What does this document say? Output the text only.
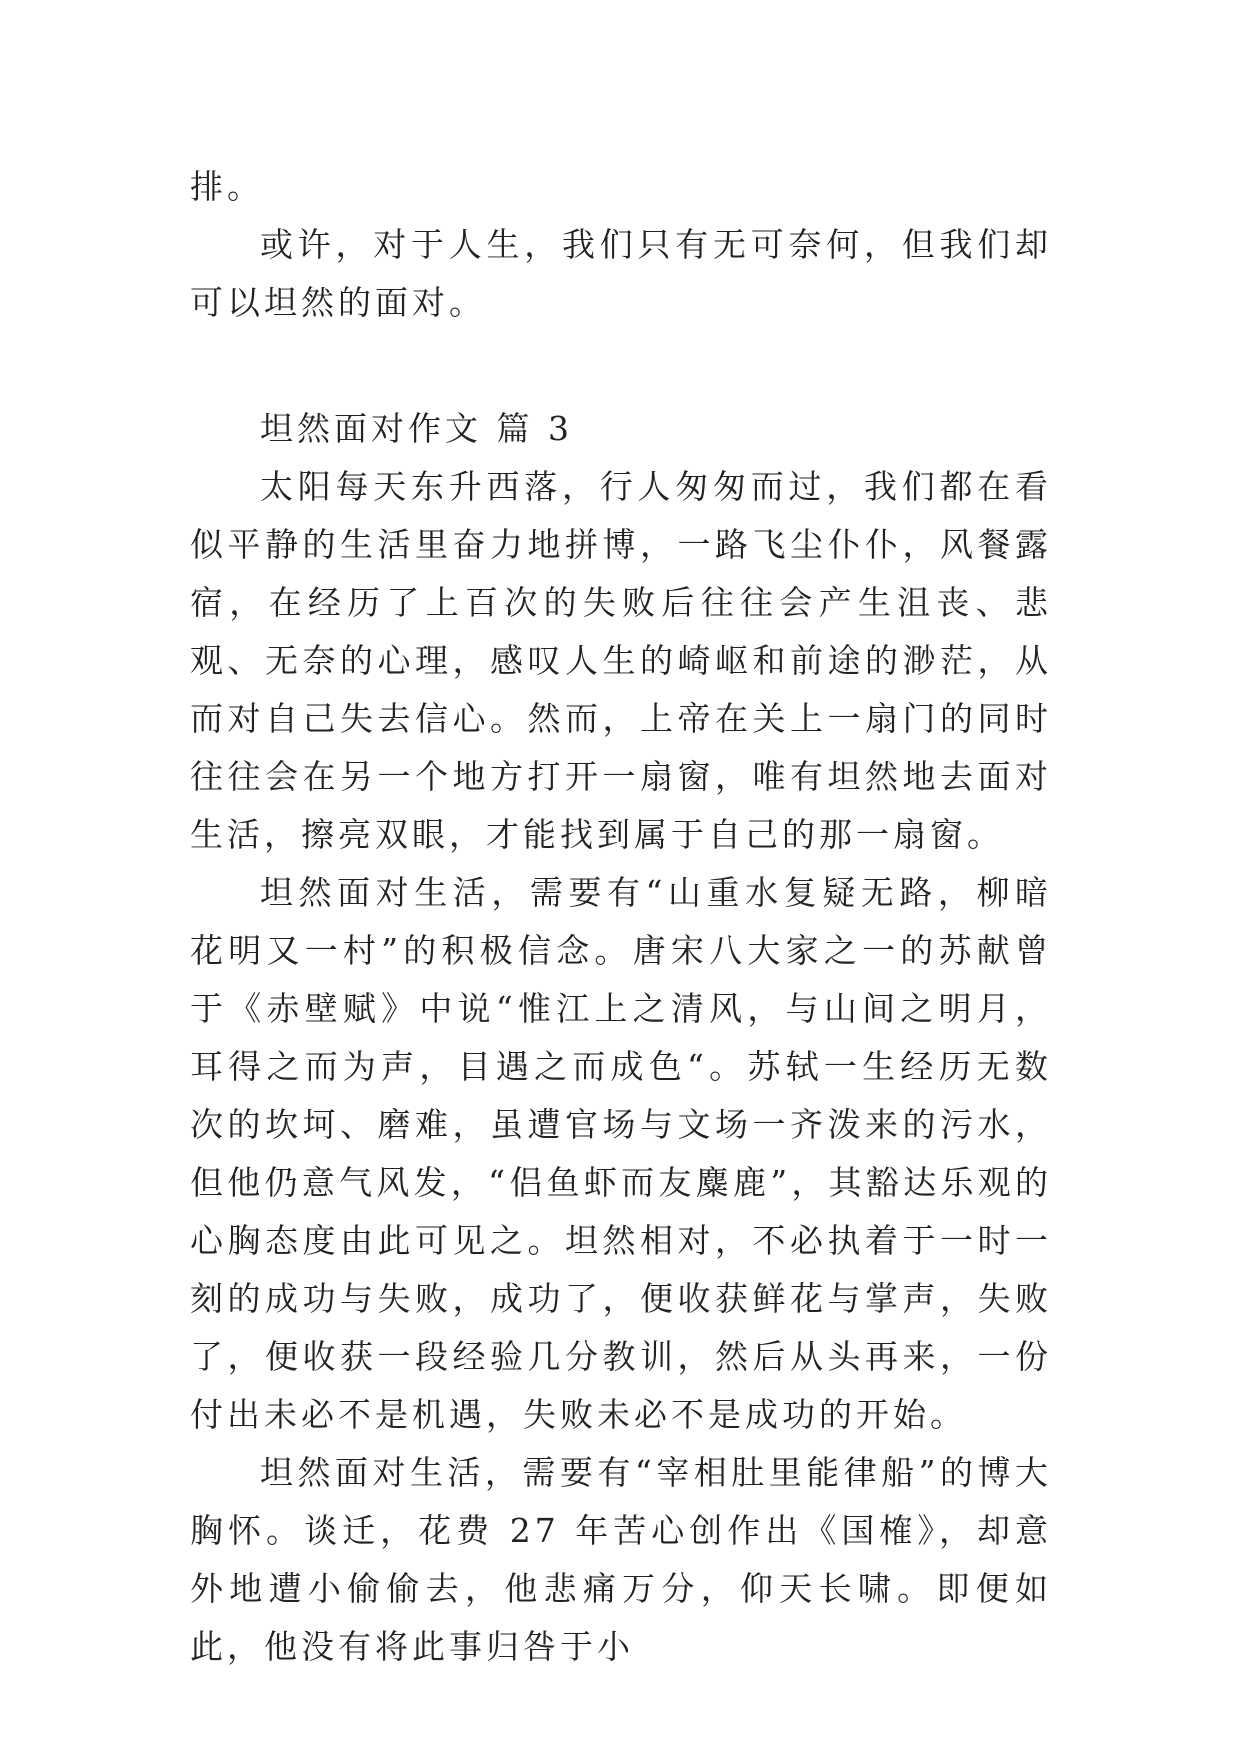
排。

或许，对于人生，我们只有无可奈何，但我们却可以坦然的面对。

坦然面对作文 篇 3

太阳每天东升西落，行人匆匆而过，我们都在看似平静的生活里奋力地拼博，一路飞尘仆仆，风餐露宿，在经历了上百次的失败后往往会产生沮丧、悲观、无奈的心理，感叹人生的崎岖和前途的渺茫，从而对自己失去信心。然而，上帝在关上一扇门的同时往往会在另一个地方打开一扇窗，唯有坦然地去面对生活，擦亮双眼，才能找到属于自己的那一扇窗。

坦然面对生活，需要有“山重水复疑无路，柳暗花明又一村”的积极信念。唐宋八大家之一的苏献曾于《赤壁赋》中说“惟江上之清风，与山间之明月，耳得之而为声，目遇之而成色“。苏轼一生经历无数次的坎坷、磨难，虽遭官场与文场一齐泼来的污水，但他仍意气风发，“侣鱼虾而友麋鹿”，其豁达乐观的心胸态度由此可见之。坦然相对，不必执着于一时一刻的成功与失败，成功了，便收获鲜花与掌声，失败了，便收获一段经验几分教训，然后从头再来，一份付出未必不是机遇，失败未必不是成功的开始。

坦然面对生活，需要有“宰相肚里能律船”的博大胸怀。谈迁，花费 27 年苦心创作出《国榷》，却意外地遭小偷偷去，他悲痛万分，仰天长啸。即便如此，他没有将此事归咎于小
